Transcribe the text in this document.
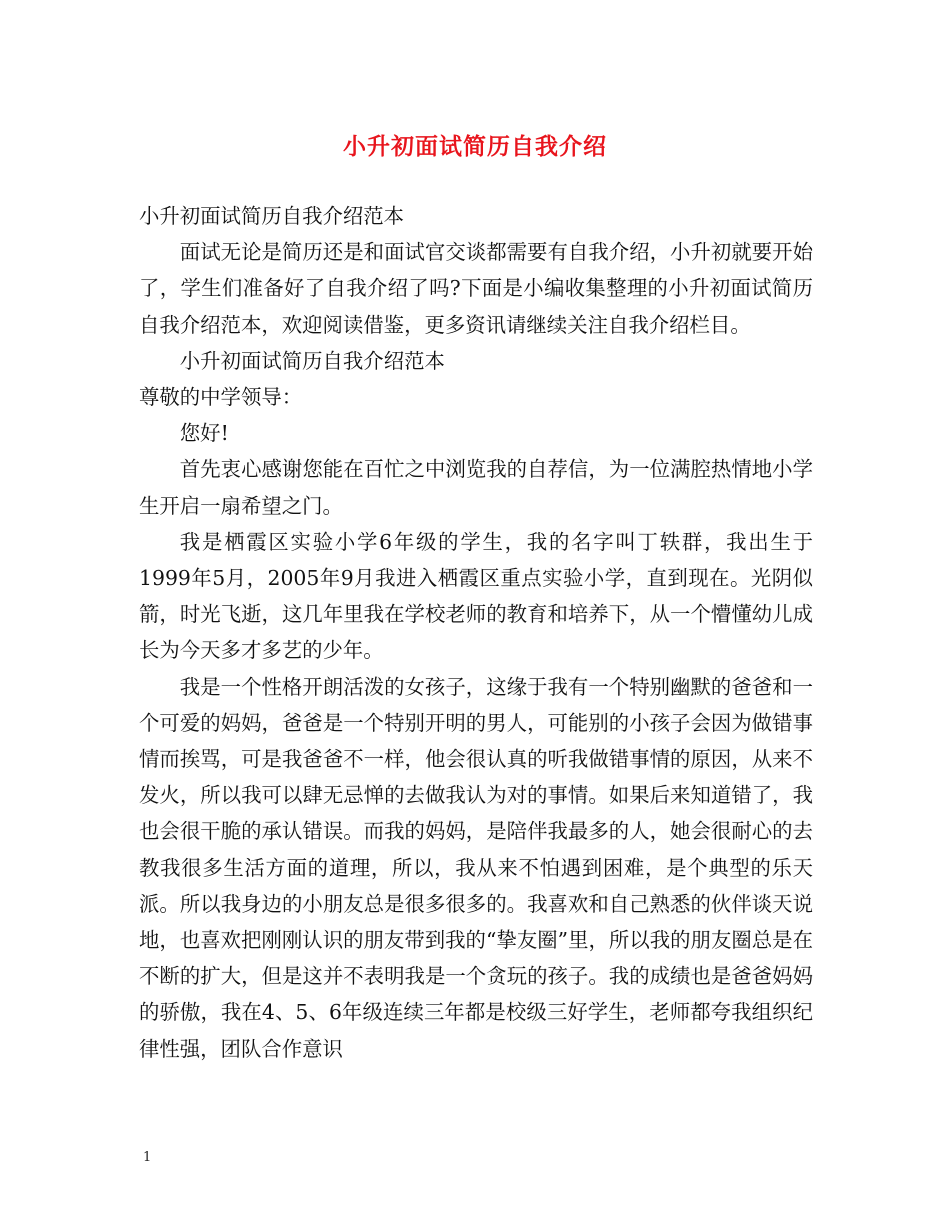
小升初面试简历自我介绍

小升初面试简历自我介绍范本

面试无论是简历还是和面试官交谈都需要有自我介绍，小升初就要开始了，学生们准备好了自我介绍了吗?下面是小编收集整理的小升初面试简历自我介绍范本，欢迎阅读借鉴，更多资讯请继续关注自我介绍栏目。

小升初面试简历自我介绍范本

尊敬的中学领导：

您好!

首先衷心感谢您能在百忙之中浏览我的自荐信，为一位满腔热情地小学生开启一扇希望之门。

我是栖霞区实验小学6年级的学生，我的名字叫丁轶群，我出生于1999年5月，2005年9月我进入栖霞区重点实验小学，直到现在。光阴似箭，时光飞逝，这几年里我在学校老师的教育和培养下，从一个懵懂幼儿成长为今天多才多艺的少年。

我是一个性格开朗活泼的女孩子，这缘于我有一个特别幽默的爸爸和一个可爱的妈妈，爸爸是一个特别开明的男人，可能别的小孩子会因为做错事情而挨骂，可是我爸爸不一样，他会很认真的听我做错事情的原因，从来不发火，所以我可以肆无忌惮的去做我认为对的事情。如果后来知道错了，我也会很干脆的承认错误。而我的妈妈，是陪伴我最多的人，她会很耐心的去教我很多生活方面的道理，所以，我从来不怕遇到困难，是个典型的乐天派。所以我身边的小朋友总是很多很多的。我喜欢和自己熟悉的伙伴谈天说地，也喜欢把刚刚认识的朋友带到我的“挚友圈”里，所以我的朋友圈总是在不断的扩大，但是这并不表明我是一个贪玩的孩子。我的成绩也是爸爸妈妈的骄傲，我在4、5、6年级连续三年都是校级三好学生，老师都夸我组织纪律性强，团队合作意识

1
